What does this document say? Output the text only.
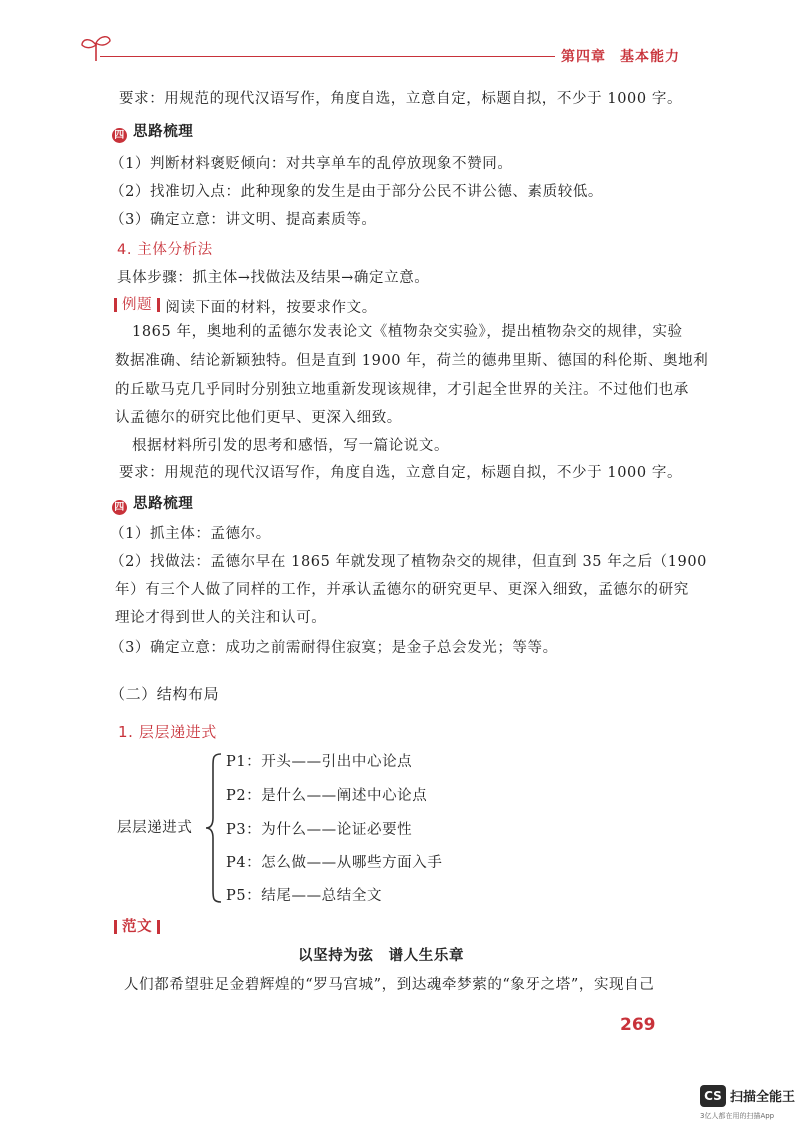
第四章 基本能力
要求：用规范的现代汉语写作，角度自选，立意自定，标题自拟，不少于 1000 字。
四 思路梳理
（1）判断材料褒贬倾向：对共享单车的乱停放现象不赞同。
（2）找准切入点：此种现象的发生是由于部分公民不讲公德、素质较低。
（3）确定立意：讲文明、提高素质等。
4. 主体分析法
具体步骤：抓主体→找做法及结果→确定立意。
例题 阅读下面的材料，按要求作文。
1865 年，奥地利的孟德尔发表论文《植物杂交实验》，提出植物杂交的规律，实验
数据准确、结论新颖独特。但是直到 1900 年，荷兰的德弗里斯、德国的科伦斯、奥地利
的丘歇马克几乎同时分别独立地重新发现该规律，才引起全世界的关注。不过他们也承
认孟德尔的研究比他们更早、更深入细致。
根据材料所引发的思考和感悟，写一篇论说文。
要求：用规范的现代汉语写作，角度自选，立意自定，标题自拟，不少于 1000 字。
四 思路梳理
（1）抓主体：孟德尔。
（2）找做法：孟德尔早在 1865 年就发现了植物杂交的规律，但直到 35 年之后（1900
年）有三个人做了同样的工作，并承认孟德尔的研究更早、更深入细致，孟德尔的研究
理论才得到世人的关注和认可。
（3）确定立意：成功之前需耐得住寂寞；是金子总会发光；等等。
（二）结构布局
1. 层层递进式
层层递进式
P1：开头——引出中心论点
P2：是什么——阐述中心论点
P3：为什么——论证必要性
P4：怎么做——从哪些方面入手
P5：结尾——总结全文
范文
以坚持为弦　谱人生乐章
人们都希望驻足金碧辉煌的“罗马宫城”，到达魂牵梦萦的“象牙之塔”，实现自己
269
CS 扫描全能王
3亿人都在用的扫描App
